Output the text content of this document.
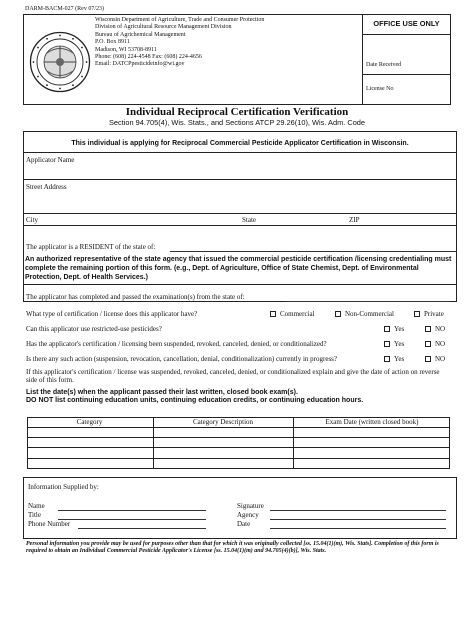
DARM-BACM-027 (Rev 07/23)
Wisconsin Department of Agriculture, Trade and Consumer Protection
Division of Agricultural Resource Management Division
Bureau of Agrichemical Management
P.O. Box 8911
Madison, WI 53708-8911
Phone: (608) 224-4548 Fax: (608) 224-4656
Email: DATCPpesticideinfo@wi.gov
OFFICE USE ONLY
Date Received
License No
Individual Reciprocal Certification Verification
Section 94.705(4), Wis. Stats., and Sections ATCP 29.26(10), Wis. Adm. Code
This individual is applying for Reciprocal Commercial Pesticide Applicator Certification in Wisconsin.
Applicator Name
Street Address
City	State	ZIP
The applicator is a RESIDENT of the state of:
An authorized representative of the state agency that issued the commercial pesticide certification /licensing credentialing must complete the remaining portion of this form. (e.g., Dept. of Agriculture, Office of State Chemist, Dept. of Environmental Protection, Dept. of Health Services.)
The applicator has completed and passed the examination(s) from the state of:
What type of certification / license does this applicator have?	Commercial	Non-Commercial	Private
Can this applicator use restricted-use pesticides?	Yes	NO
Has the applicator's certification / licensing been suspended, revoked, canceled, denied, or conditionalized?	Yes	NO
Is there any such action (suspension, revocation, cancellation, denial, conditionalization) currently in progress?	Yes	NO
If this applicator's certification / license was suspended, revoked, canceled, denied, or conditionalized explain and give the date of action on reverse side of this form.
List the date(s) when the applicant passed their last written, closed book exam(s).
DO NOT list continuing education units, continuing education credits, or continuing education hours.
Category	Category Description	Exam Date (written closed book)
Information Supplied by:
Name
Title
Phone Number
Signature
Agency
Date
Personal information you provide may be used for purposes other than that for which it was originally collected [ss. 15.04(1)(m), Wis. Stats]. Completion of this form is required to obtain an Individual Commercial Pesticide Applicator's License [ss. 15.04(1)(m) and 94.705(4)(b)], Wis. Stats.
